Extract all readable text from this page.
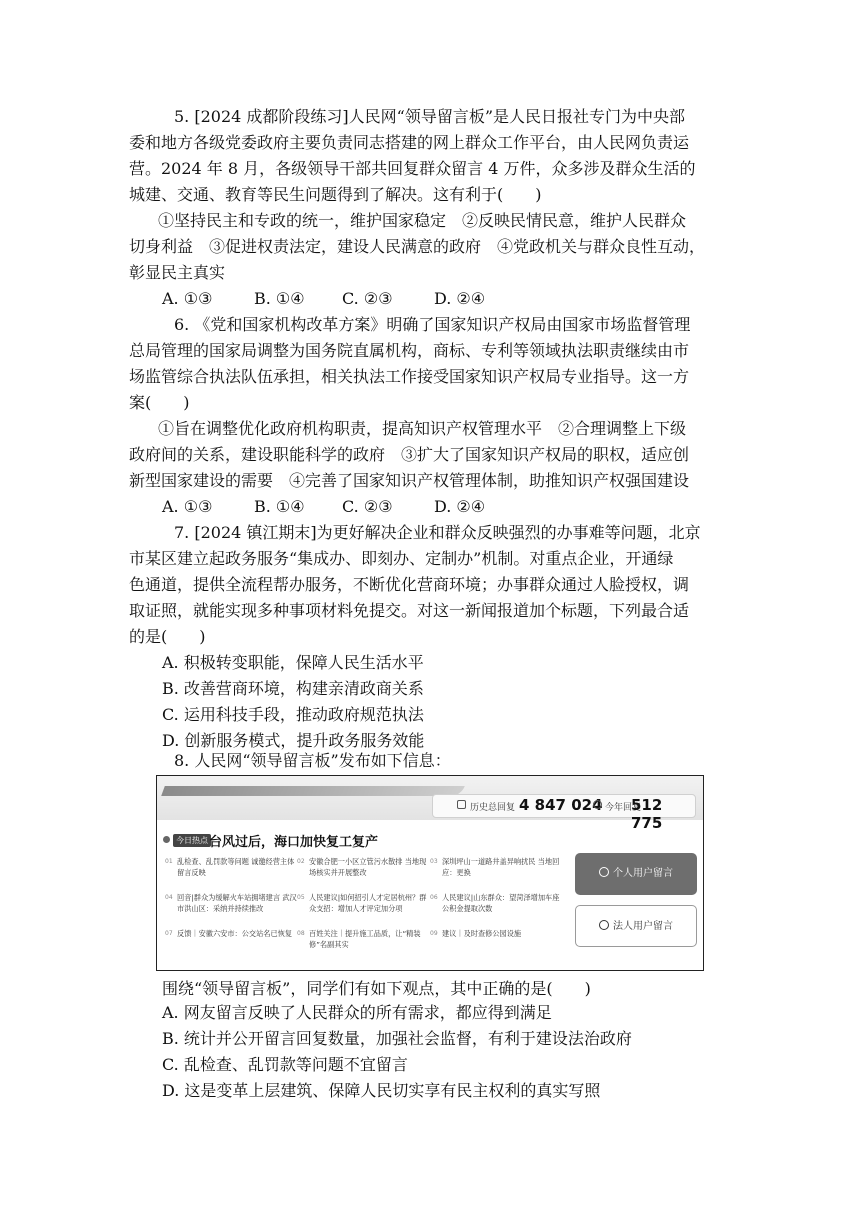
5. [2024 成都阶段练习]人民网“领导留言板”是人民日报社专门为中央部
委和地方各级党委政府主要负责同志搭建的网上群众工作平台，由人民网负责运
营。2024 年 8 月，各级领导干部共回复群众留言 4 万件，众多涉及群众生活的
城建、交通、教育等民生问题得到了解决。这有利于(　　)
①坚持民主和专政的统一，维护国家稳定　②反映民情民意，维护人民群众
切身利益　③促进权责法定，建设人民满意的政府　④党政机关与群众良性互动，
彰显民主真实
A. ①③	B. ①④ C. ②③	D. ②④
6. 《党和国家机构改革方案》明确了国家知识产权局由国家市场监督管理
总局管理的国家局调整为国务院直属机构，商标、专利等领域执法职责继续由市
场监管综合执法队伍承担，相关执法工作接受国家知识产权局专业指导。这一方
案(　　)
①旨在调整优化政府机构职责，提高知识产权管理水平　②合理调整上下级
政府间的关系，建设职能科学的政府　③扩大了国家知识产权局的职权，适应创
新型国家建设的需要　④完善了国家知识产权管理体制，助推知识产权强国建设
A. ①③	B. ①④ C. ②③	D. ②④
7. [2024 镇江期末]为更好解决企业和群众反映强烈的办事难等问题，北京
市某区建立起政务服务“集成办、即刻办、定制办”机制。对重点企业，开通绿
色通道，提供全流程帮办服务，不断优化营商环境；办事群众通过人脸授权，调
取证照，就能实现多种事项材料免提交。对这一新闻报道加个标题，下列最合适
的是(　　)
A. 积极转变职能，保障人民生活水平
B. 改善营商环境，构建亲清政商关系
C. 运用科技手段，推动政府规范执法
D. 创新服务模式，提升政务服务效能
8. 人民网“领导留言板”发布如下信息：
历史总回复 4 847 024 今年回复
512 775
今日热点 台风过后，海口加快复工复产
01 乱检查、乱罚款等问题 诚邀经营主体留言反映
02 安徽合肥一小区立管污水散排 当地现场核实并开展整改
03 深圳坪山一道路井盖异响扰民 当地回应：更换
04 回音|群众为缓解火车站拥堵建言 武汉市洪山区：采纳并持续推改
05 人民建议|如何招引人才定居杭州？群众支招：增加人才评定加分项
06 人民建议|山东群众：望菏泽增加车座公积金提取次数
07 反馈｜安徽六安市：公交站名已恢复 08 百姓关注｜提升施工品质，让“精装修”名副其实
09 建议｜及时查修公园设施
个人用户留言
法人用户留言
围绕“领导留言板”，同学们有如下观点，其中正确的是(　　)
A. 网友留言反映了人民群众的所有需求，都应得到满足
B. 统计并公开留言回复数量，加强社会监督，有利于建设法治政府
C. 乱检查、乱罚款等问题不宜留言
D. 这是变革上层建筑、保障人民切实享有民主权利的真实写照
